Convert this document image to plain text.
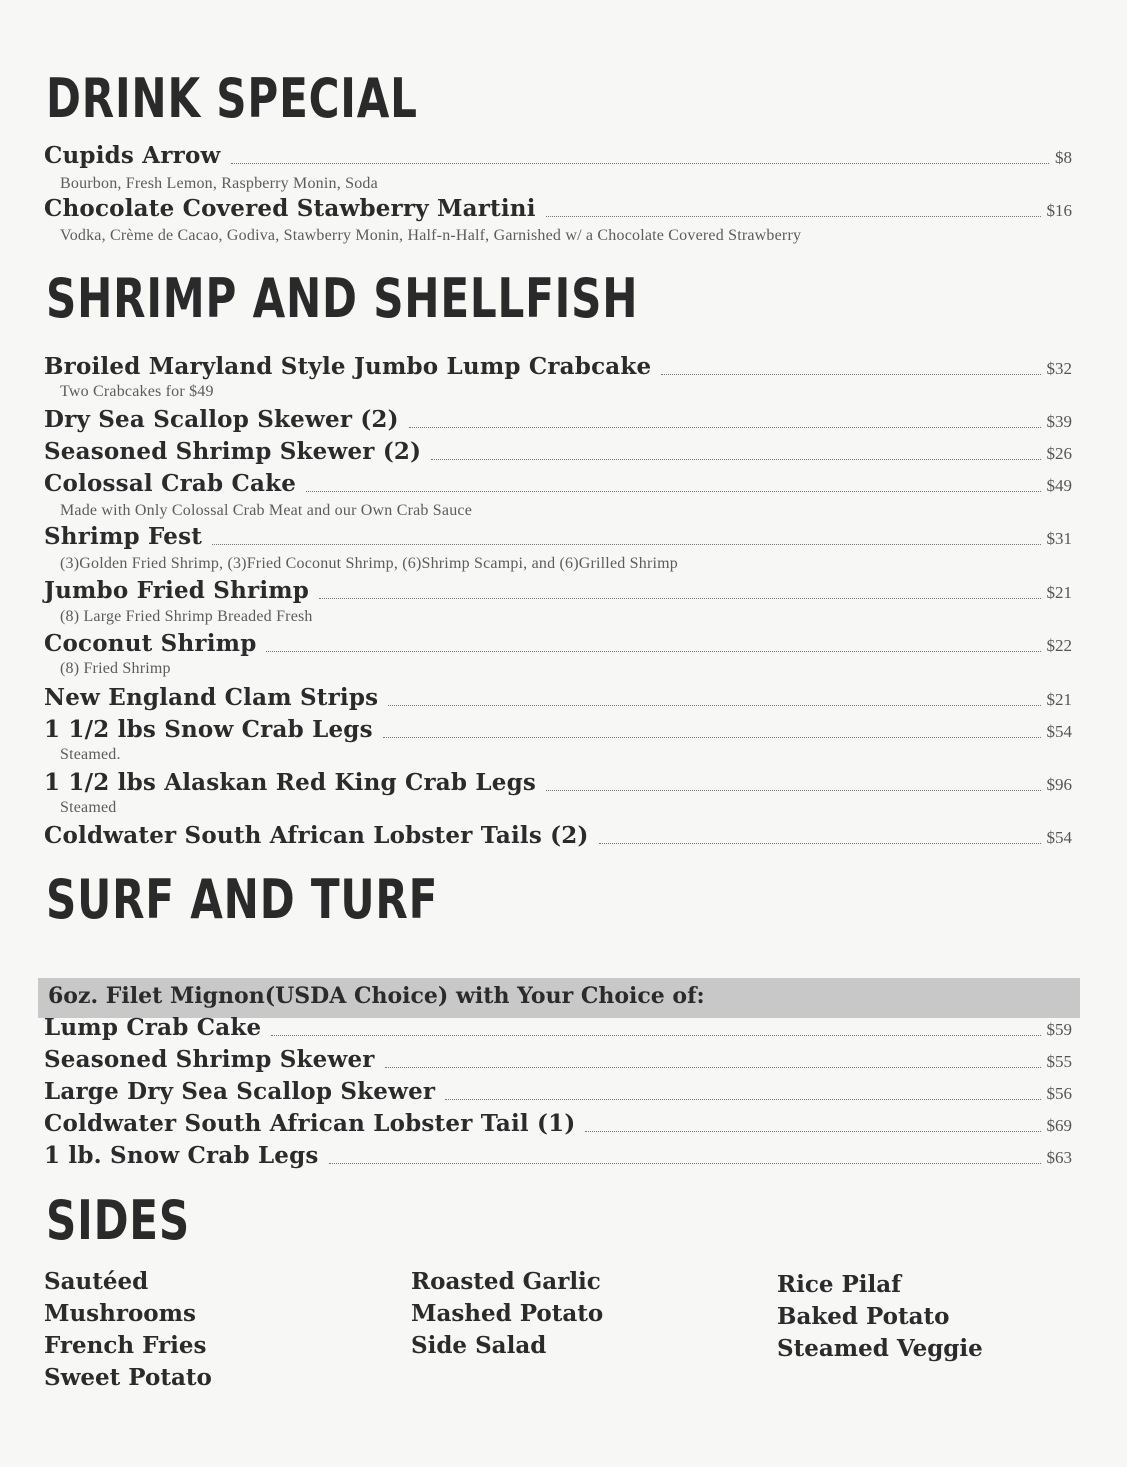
DRINK SPECIAL
Cupids Arrow	$8
Bourbon, Fresh Lemon, Raspberry Monin, Soda
Chocolate Covered Stawberry Martini	$16
Vodka, Crème de Cacao, Godiva, Stawberry Monin, Half-n-Half, Garnished w/ a Chocolate Covered Strawberry
SHRIMP AND SHELLFISH
Broiled Maryland Style Jumbo Lump Crabcake	$32
Two Crabcakes for $49
Dry Sea Scallop Skewer (2)	$39
Seasoned Shrimp Skewer (2)	$26
Colossal Crab Cake	$49
Made with Only Colossal Crab Meat and our Own Crab Sauce
Shrimp Fest	$31
(3)Golden Fried Shrimp, (3)Fried Coconut Shrimp, (6)Shrimp Scampi, and (6)Grilled Shrimp
Jumbo Fried Shrimp	$21
(8) Large Fried Shrimp Breaded Fresh
Coconut Shrimp	$22
(8) Fried Shrimp
New England Clam Strips	$21
1 1/2 lbs Snow Crab Legs	$54
Steamed.
1 1/2 lbs Alaskan Red King Crab Legs	$96
Steamed
Coldwater South African Lobster Tails (2)	$54
SURF AND TURF
6oz. Filet Mignon(USDA Choice) with Your Choice of:
Lump Crab Cake	$59
Seasoned Shrimp Skewer	$55
Large Dry Sea Scallop Skewer	$56
Coldwater South African Lobster Tail (1)	$69
1 lb. Snow Crab Legs	$63
SIDES
Sautéed
Mushrooms
French Fries
Sweet Potato
Roasted Garlic
Mashed Potato
Side Salad
Rice Pilaf
Baked Potato
Steamed Veggie
